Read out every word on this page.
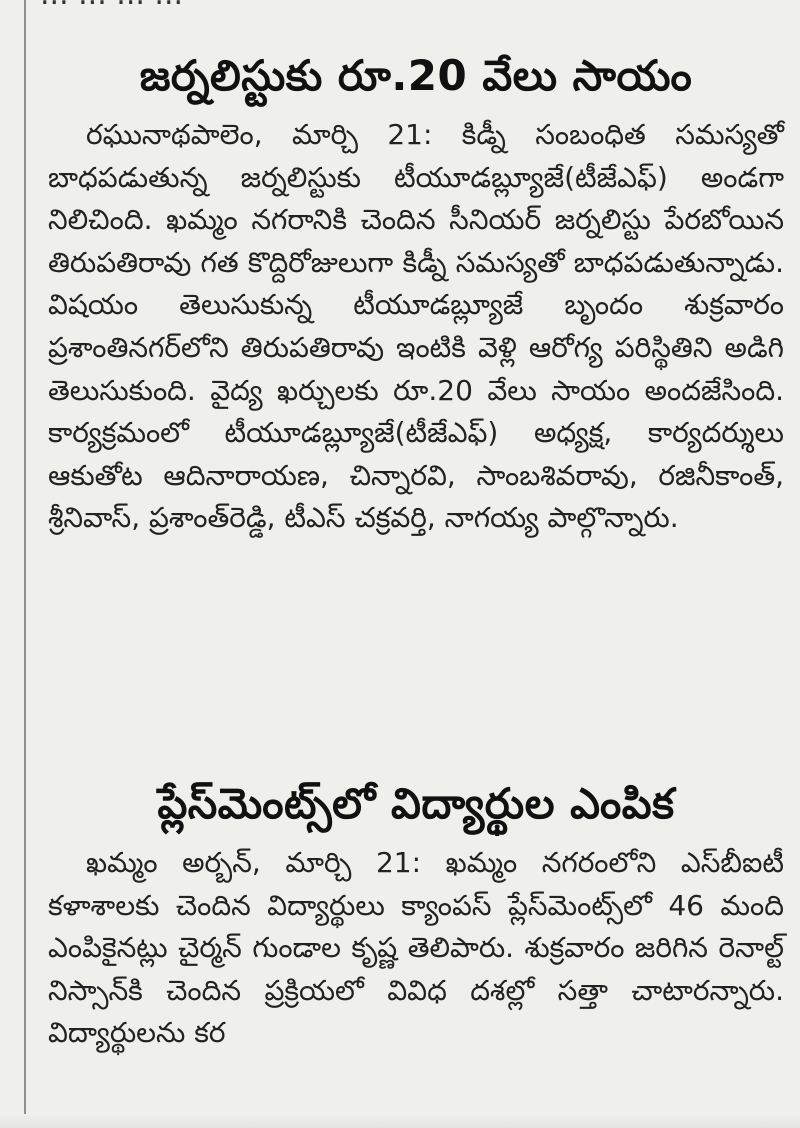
జర్నలిస్టుకు రూ.20 వేలు సాయం

రఘునాథపాలెం, మార్చి 21: కిడ్నీ సంబంధిత సమస్యతో బాధపడుతున్న జర్నలిస్టుకు టీయూడబ్ల్యూజే(టీజేఎఫ్) అండగా నిలిచింది. ఖమ్మం నగరానికి చెందిన సీనియర్ జర్నలిస్టు పేరబోయిన తిరుపతిరావు గత కొద్దిరోజులుగా కిడ్నీ సమస్యతో బాధపడుతున్నాడు. విషయం తెలుసుకున్న టీయూడబ్ల్యూజే బృందం శుక్రవారం ప్రశాంతినగర్‌లోని తిరుపతిరావు ఇంటికి వెళ్లి ఆరోగ్య పరిస్థితిని అడిగి తెలుసుకుంది. వైద్య ఖర్చులకు రూ.20 వేలు సాయం అందజేసింది. కార్యక్రమంలో టీయూడబ్ల్యూజే(టీజేఎఫ్) అధ్యక్ష, కార్యదర్శులు ఆకుతోట ఆదినారాయణ, చిన్నారవి, సాంబశివరావు, రజినీకాంత్, శ్రీనివాస్, ప్రశాంత్‌రెడ్డి, టీఎస్ చక్రవర్తి, నాగయ్య పాల్గొన్నారు.

ప్లేస్‌మెంట్స్‌లో విద్యార్థుల ఎంపిక

ఖమ్మం అర్బన్, మార్చి 21: ఖమ్మం నగరంలోని ఎస్‌బీఐటీ కళాశాలకు చెందిన విద్యార్థులు క్యాంపస్ ప్లేస్‌మెంట్స్‌లో 46 మంది ఎంపికైనట్లు చైర్మన్ గుండాల కృష్ణ తెలిపారు. శుక్రవారం జరిగిన రెనాల్ట్ నిస్సాన్‌కి చెందిన ప్రక్రియలో వివిధ దశల్లో సత్తా చాటారన్నారు. విద్యార్థులను కర
